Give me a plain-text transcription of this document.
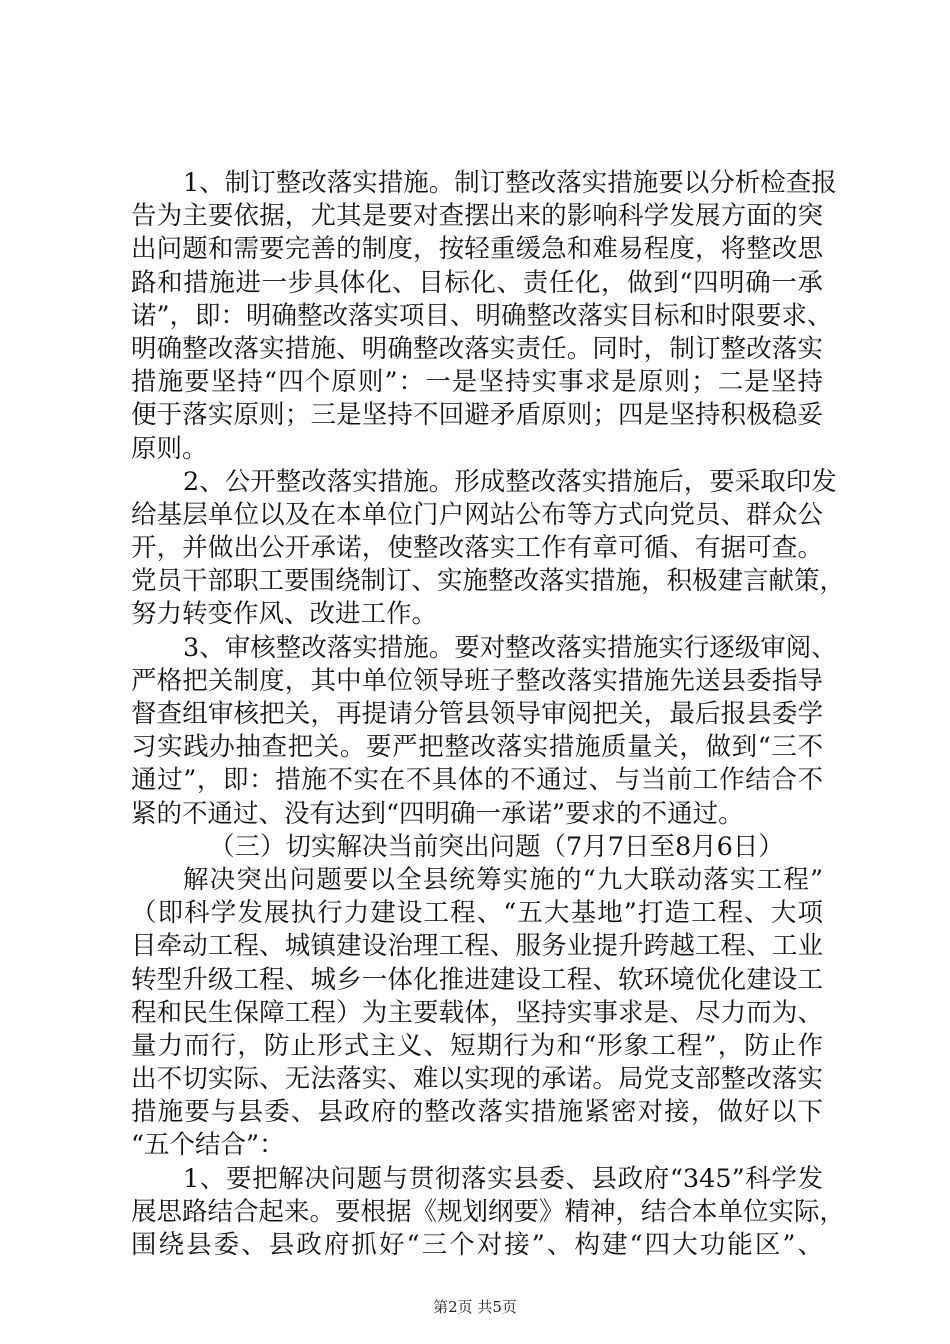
1、制订整改落实措施。制订整改落实措施要以分析检查报
告为主要依据，尤其是要对查摆出来的影响科学发展方面的突
出问题和需要完善的制度，按轻重缓急和难易程度，将整改思
路和措施进一步具体化、目标化、责任化，做到“四明确一承
诺”，即：明确整改落实项目、明确整改落实目标和时限要求、
明确整改落实措施、明确整改落实责任。同时，制订整改落实
措施要坚持“四个原则”：一是坚持实事求是原则；二是坚持
便于落实原则；三是坚持不回避矛盾原则；四是坚持积极稳妥
原则。
2、公开整改落实措施。形成整改落实措施后，要采取印发
给基层单位以及在本单位门户网站公布等方式向党员、群众公
开，并做出公开承诺，使整改落实工作有章可循、有据可查。
党员干部职工要围绕制订、实施整改落实措施，积极建言献策，
努力转变作风、改进工作。
3、审核整改落实措施。要对整改落实措施实行逐级审阅、
严格把关制度，其中单位领导班子整改落实措施先送县委指导
督查组审核把关，再提请分管县领导审阅把关，最后报县委学
习实践办抽查把关。要严把整改落实措施质量关，做到“三不
通过”，即：措施不实在不具体的不通过、与当前工作结合不
紧的不通过、没有达到“四明确一承诺”要求的不通过。
（三）切实解决当前突出问题（7月7日至8月6日）
解决突出问题要以全县统筹实施的“九大联动落实工程”
（即科学发展执行力建设工程、“五大基地”打造工程、大项
目牵动工程、城镇建设治理工程、服务业提升跨越工程、工业
转型升级工程、城乡一体化推进建设工程、软环境优化建设工
程和民生保障工程）为主要载体，坚持实事求是、尽力而为、
量力而行，防止形式主义、短期行为和“形象工程”，防止作
出不切实际、无法落实、难以实现的承诺。局党支部整改落实
措施要与县委、县政府的整改落实措施紧密对接，做好以下
“五个结合”：
1、要把解决问题与贯彻落实县委、县政府“345”科学发
展思路结合起来。要根据《规划纲要》精神，结合本单位实际，
围绕县委、县政府抓好“三个对接”、构建“四大功能区”、
第2页 共5页
